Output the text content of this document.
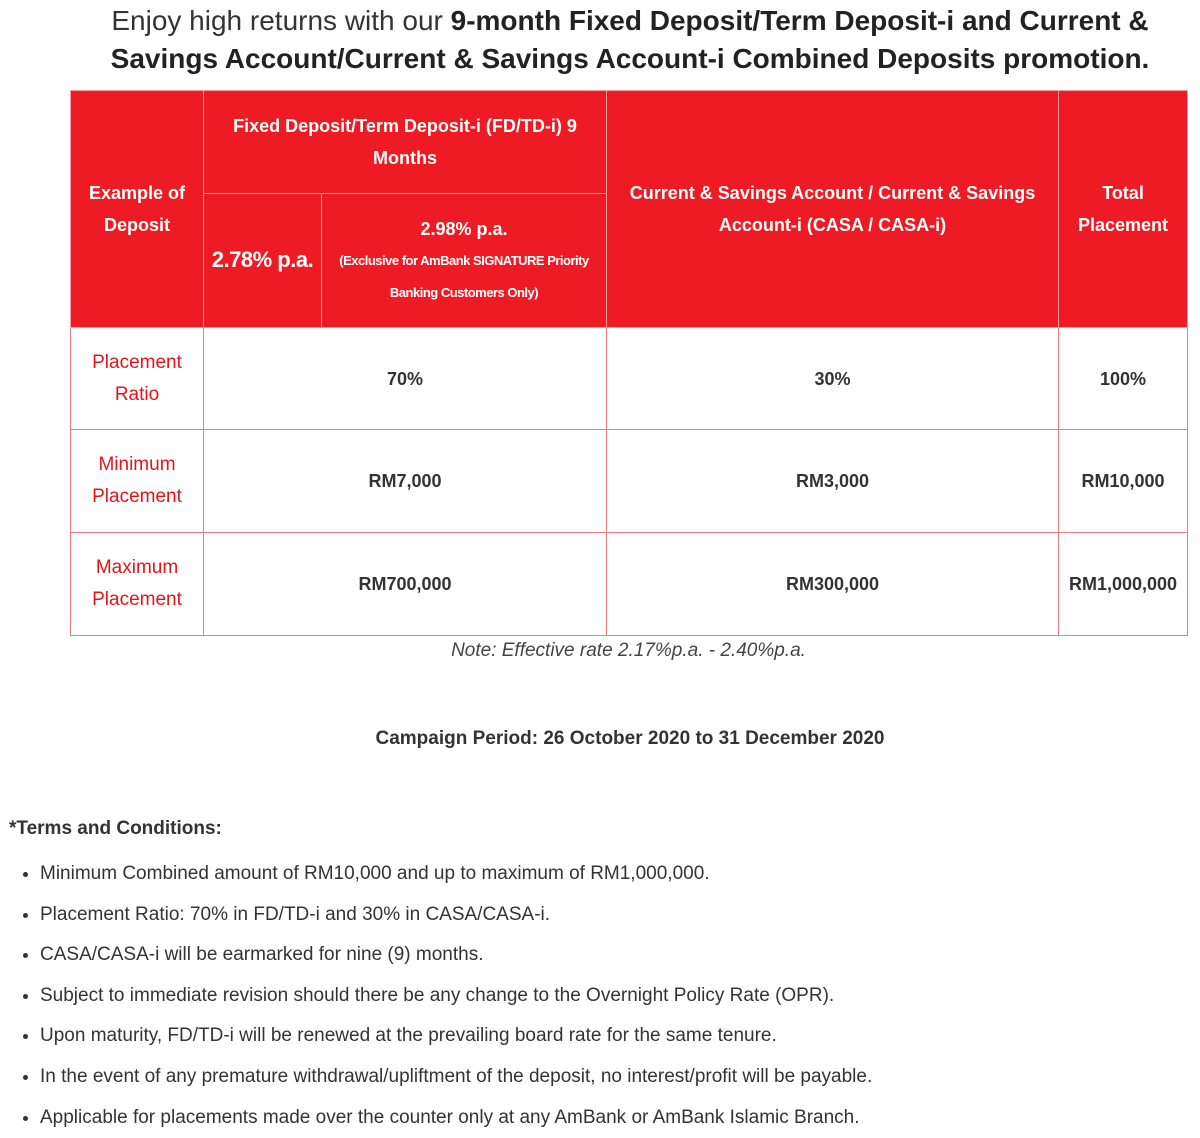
Enjoy high returns with our 9-month Fixed Deposit/Term Deposit-i and Current & Savings Account/Current & Savings Account-i Combined Deposits promotion.
Example of Deposit	Fixed Deposit/Term Deposit-i (FD/TD-i) 9 Months		Current & Savings Account / Current & Savings Account-i (CASA / CASA-i)	Total Placement
	2.78% p.a.	2.98% p.a.
(Exclusive for AmBank SIGNATURE Priority Banking Customers Only)		

Placement Ratio	70%		30%	100%
Minimum Placement	RM7,000		RM3,000	RM10,000
Maximum Placement	RM700,000		RM300,000	RM1,000,000
Note: Effective rate 2.17%p.a. - 2.40%p.a.
Campaign Period: 26 October 2020 to 31 December 2020
*Terms and Conditions:
• Minimum Combined amount of RM10,000 and up to maximum of RM1,000,000.
• Placement Ratio: 70% in FD/TD-i and 30% in CASA/CASA-i.
• CASA/CASA-i will be earmarked for nine (9) months.
• Subject to immediate revision should there be any change to the Overnight Policy Rate (OPR).
• Upon maturity, FD/TD-i will be renewed at the prevailing board rate for the same tenure.
• In the event of any premature withdrawal/upliftment of the deposit, no interest/profit will be payable.
• Applicable for placements made over the counter only at any AmBank or AmBank Islamic Branch.
